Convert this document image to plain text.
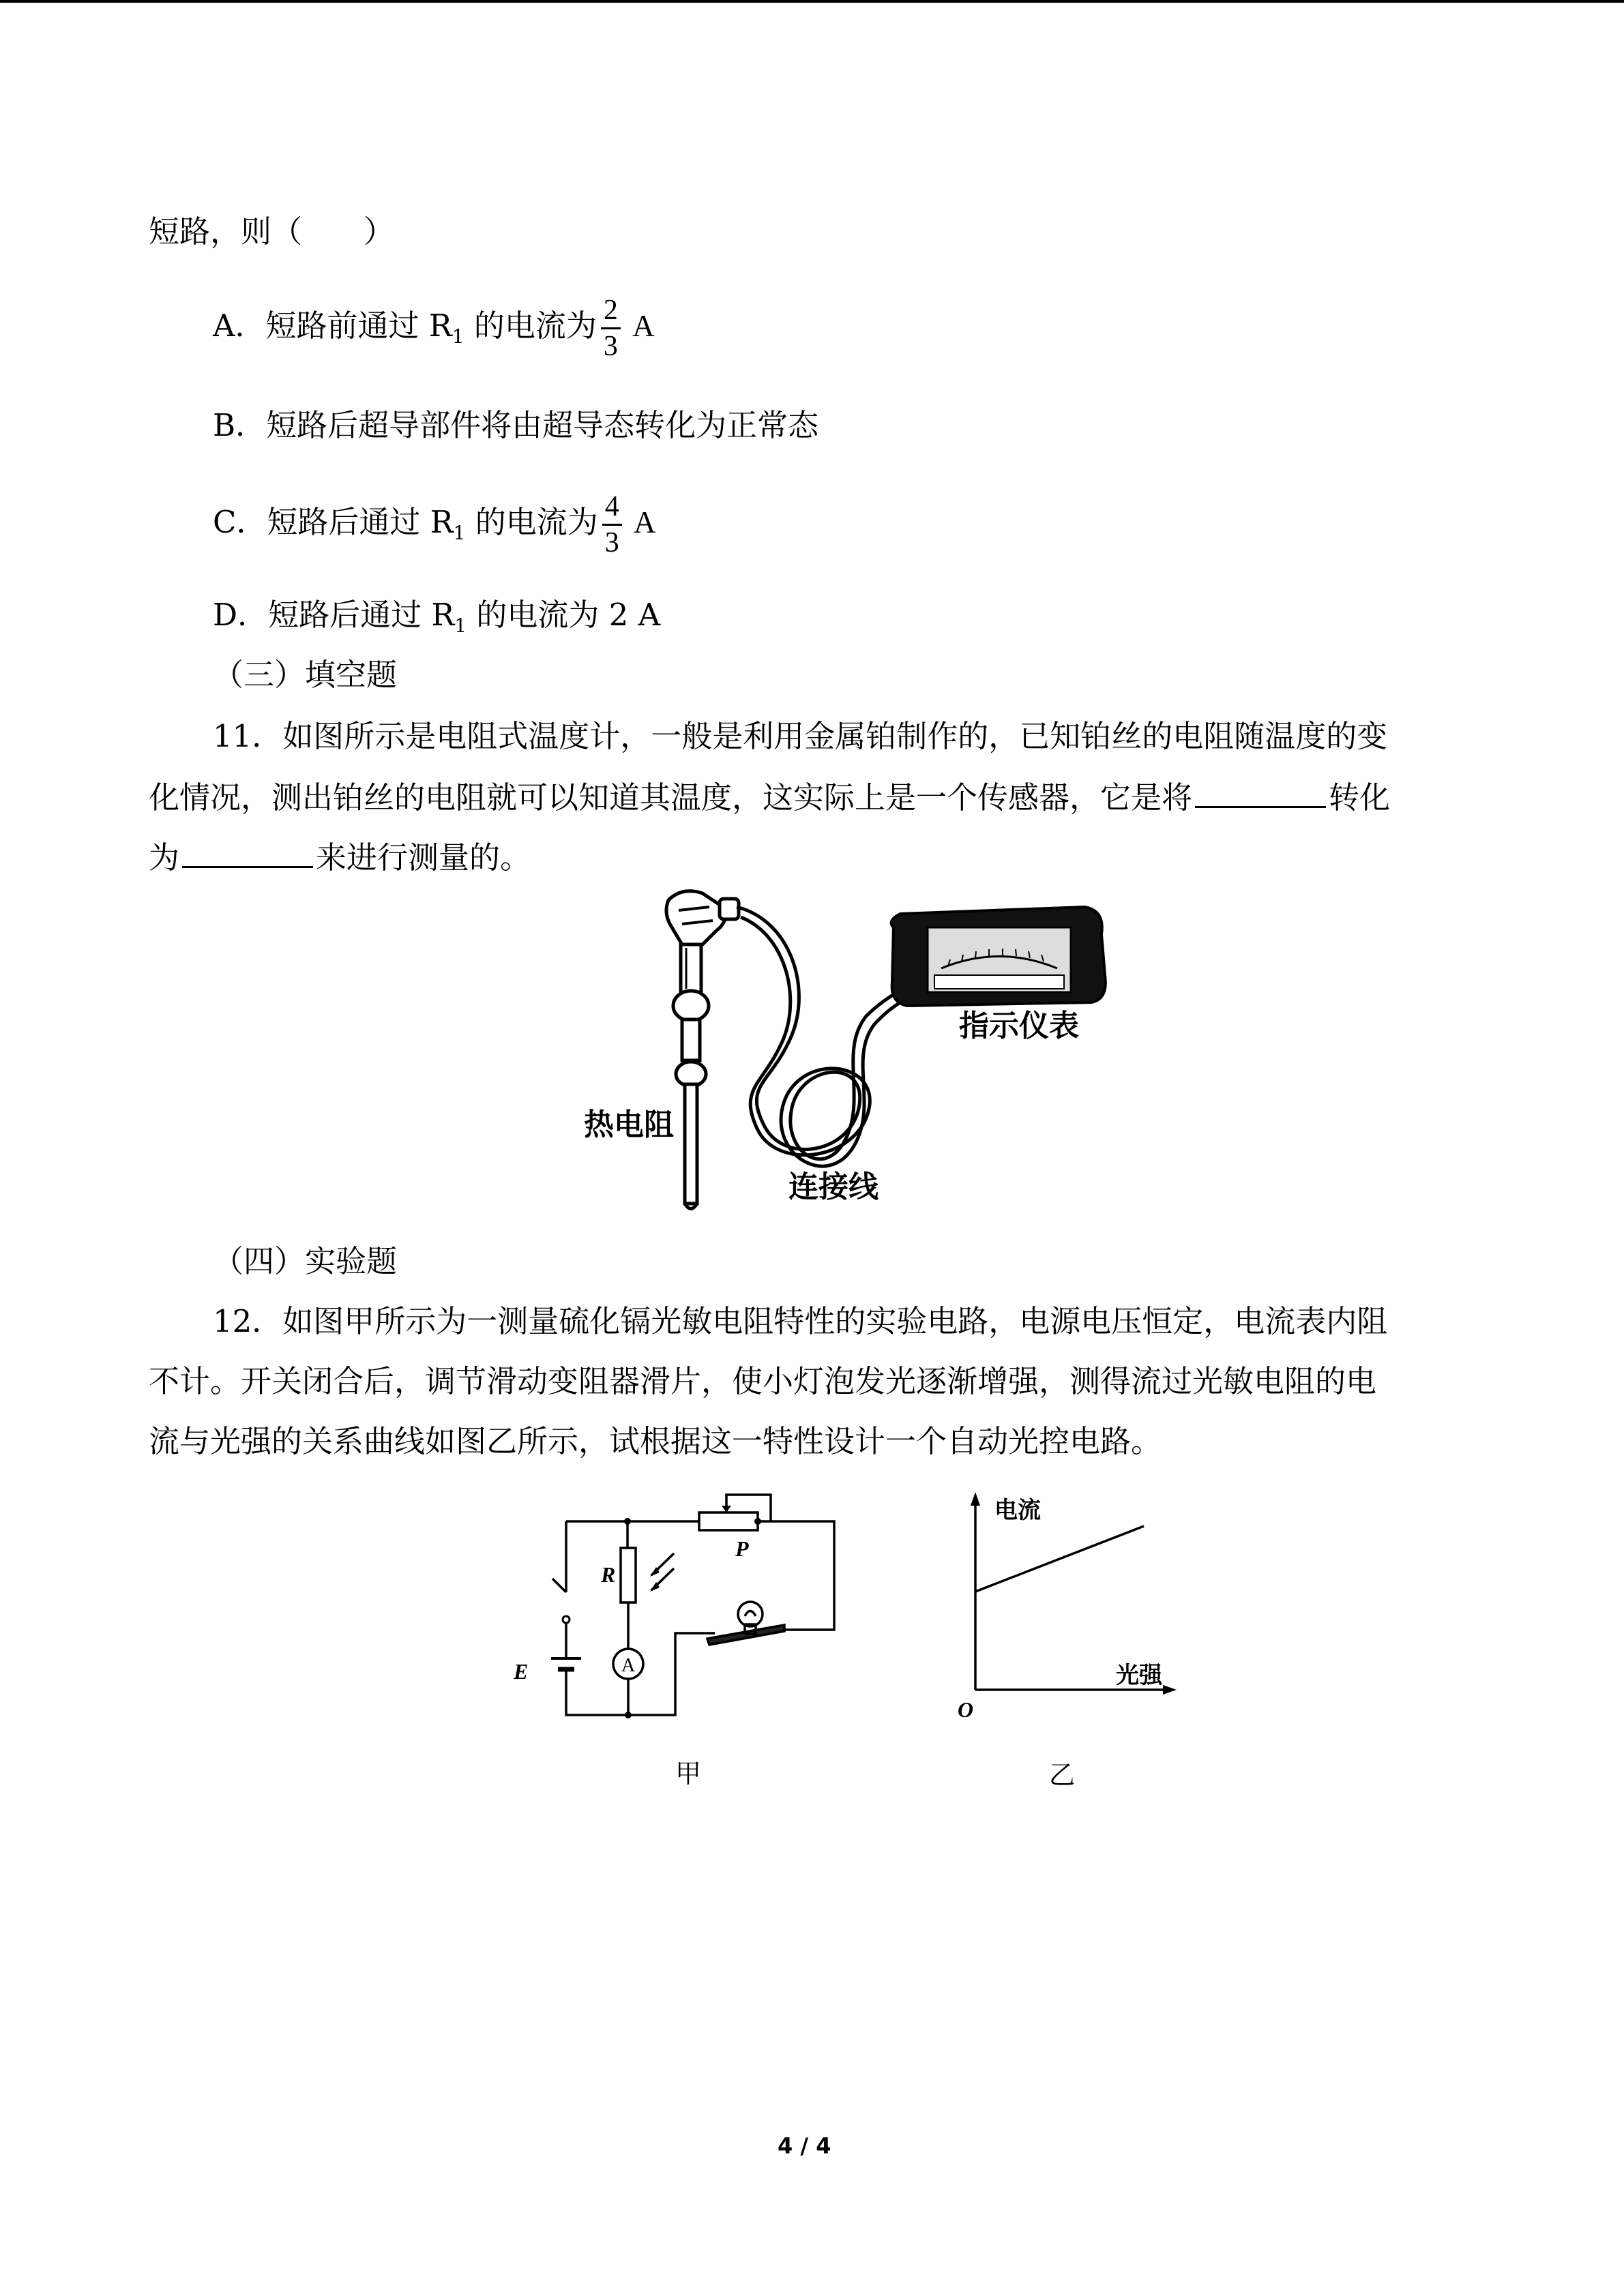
短路，则（　　）
A．短路前通过 $R_1$ 的电流为 $\frac{2}{3}$ A
B．短路后超导部件将由超导态转化为正常态
C．短路后通过 $R_1$ 的电流为 $\frac{4}{3}$ A
D．短路后通过 $R_1$ 的电流为 2 A
（三）填空题
11．如图所示是电阻式温度计，一般是利用金属铂制作的，已知铂丝的电阻随温度的变
化情况，测出铂丝的电阻就可以知道其温度，这实际上是一个传感器，它是将	转化
为	来进行测量的。
指示仪表
热电阻
连接线
（四）实验题
12．如图甲所示为一测量硫化镉光敏电阻特性的实验电路，电源电压恒定，电流表内阻
不计。开关闭合后，调节滑动变阻器滑片，使小灯泡发光逐渐增强，测得流过光敏电阻的电
流与光强的关系曲线如图乙所示，试根据这一特性设计一个自动光控电路。
R
P
E	A
甲
电流
光强
O
乙
4 / 4
